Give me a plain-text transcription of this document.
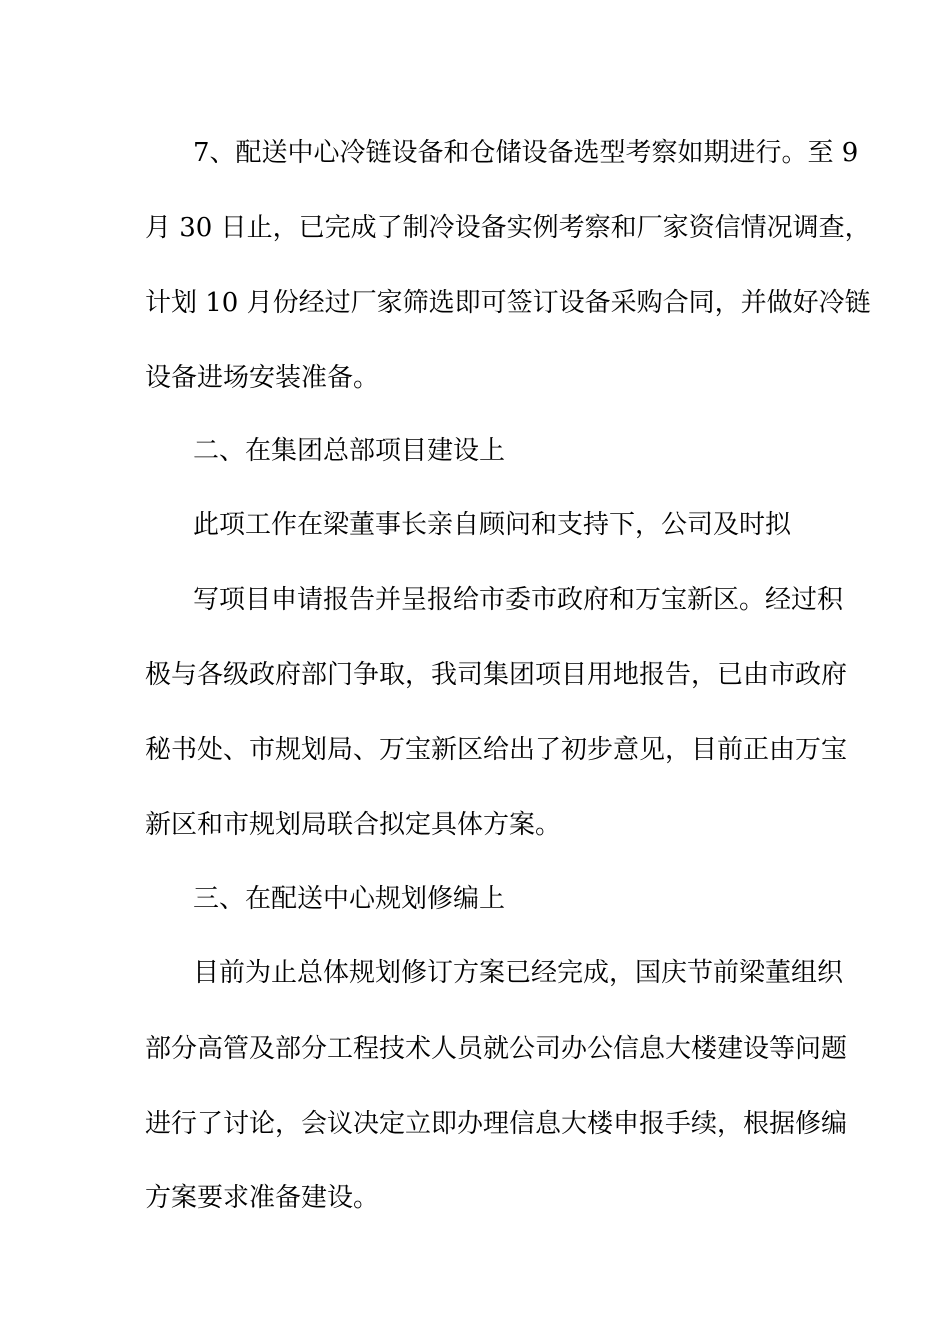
7、配送中心冷链设备和仓储设备选型考察如期进行。至 9
月 30 日止，已完成了制冷设备实例考察和厂家资信情况调查，
计划 10 月份经过厂家筛选即可签订设备采购合同，并做好冷链
设备进场安装准备。
二、在集团总部项目建设上
此项工作在梁董事长亲自顾问和支持下，公司及时拟
写项目申请报告并呈报给市委市政府和万宝新区。经过积
极与各级政府部门争取，我司集团项目用地报告，已由市政府
秘书处、市规划局、万宝新区给出了初步意见，目前正由万宝
新区和市规划局联合拟定具体方案。
三、在配送中心规划修编上
目前为止总体规划修订方案已经完成，国庆节前梁董组织
部分高管及部分工程技术人员就公司办公信息大楼建设等问题
进行了讨论，会议决定立即办理信息大楼申报手续，根据修编
方案要求准备建设。
